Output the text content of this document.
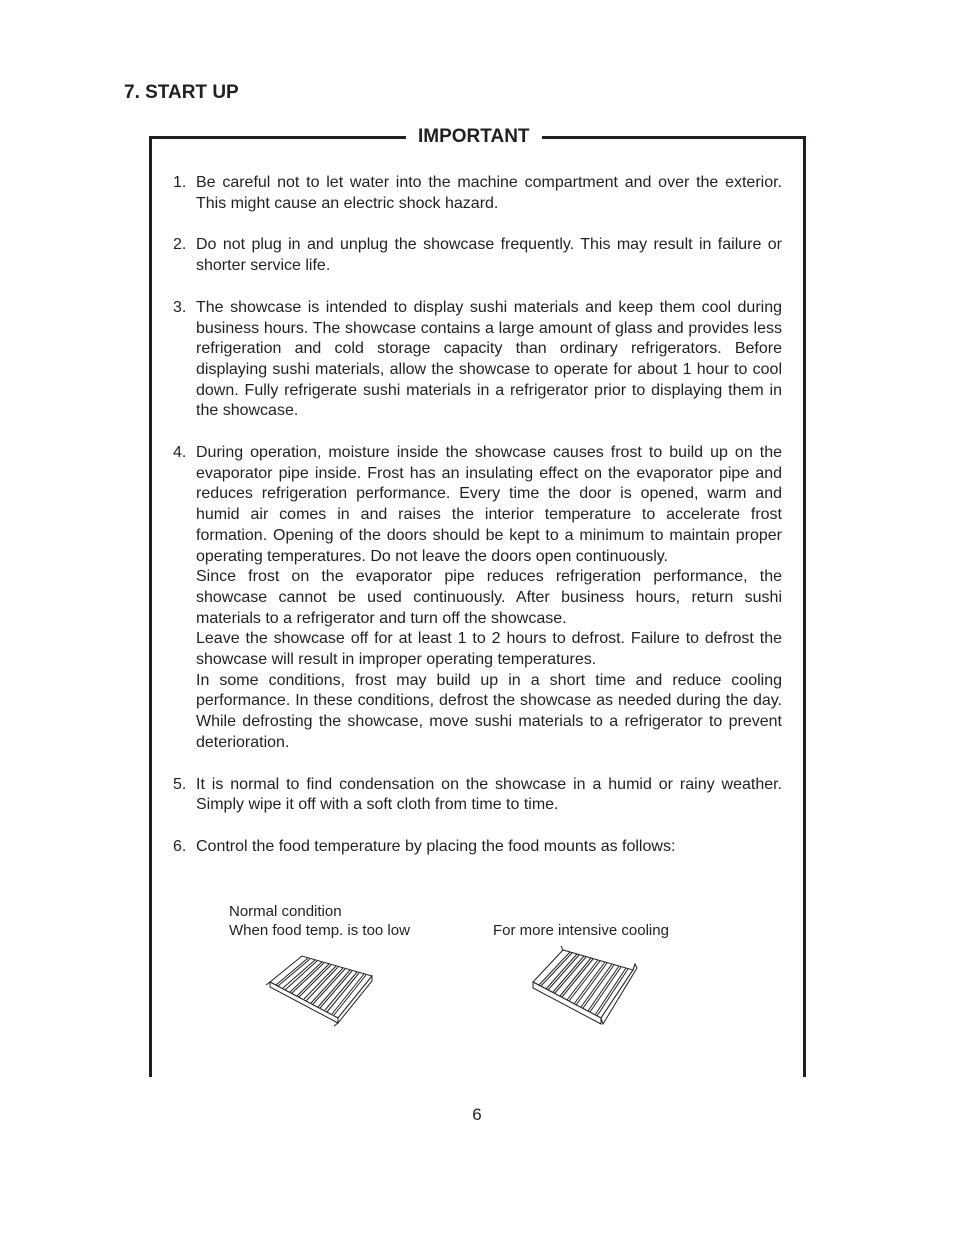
7. START UP
IMPORTANT
1. Be careful not to let water into the machine compartment and over the exterior. This might cause an electric shock hazard.

2. Do not plug in and unplug the showcase frequently. This may result in failure or shorter service life.

3. The showcase is intended to display sushi materials and keep them cool during business hours. The showcase contains a large amount of glass and provides less refrigeration and cold storage capacity than ordinary refrigerators. Before displaying sushi materials, allow the showcase to operate for about 1 hour to cool down. Fully refrigerate sushi materials in a refrigerator prior to displaying them in the showcase.

4. During operation, moisture inside the showcase causes frost to build up on the evaporator pipe inside. Frost has an insulating effect on the evaporator pipe and reduces refrigeration performance. Every time the door is opened, warm and humid air comes in and raises the interior temperature to accelerate frost formation. Opening of the doors should be kept to a minimum to maintain proper operating temperatures. Do not leave the doors open continuously.

Since frost on the evaporator pipe reduces refrigeration performance, the showcase cannot be used continuously. After business hours, return sushi materials to a refrigerator and turn off the showcase.

Leave the showcase off for at least 1 to 2 hours to defrost. Failure to defrost the showcase will result in improper operating temperatures.

In some conditions, frost may build up in a short time and reduce cooling performance. In these conditions, defrost the showcase as needed during the day. While defrosting the showcase, move sushi materials to a refrigerator to prevent deterioration.

5. It is normal to find condensation on the showcase in a humid or rainy weather. Simply wipe it off with a soft cloth from time to time.

6. Control the food temperature by placing the food mounts as follows:

Normal condition
When food temp. is too low	For more intensive cooling
6
